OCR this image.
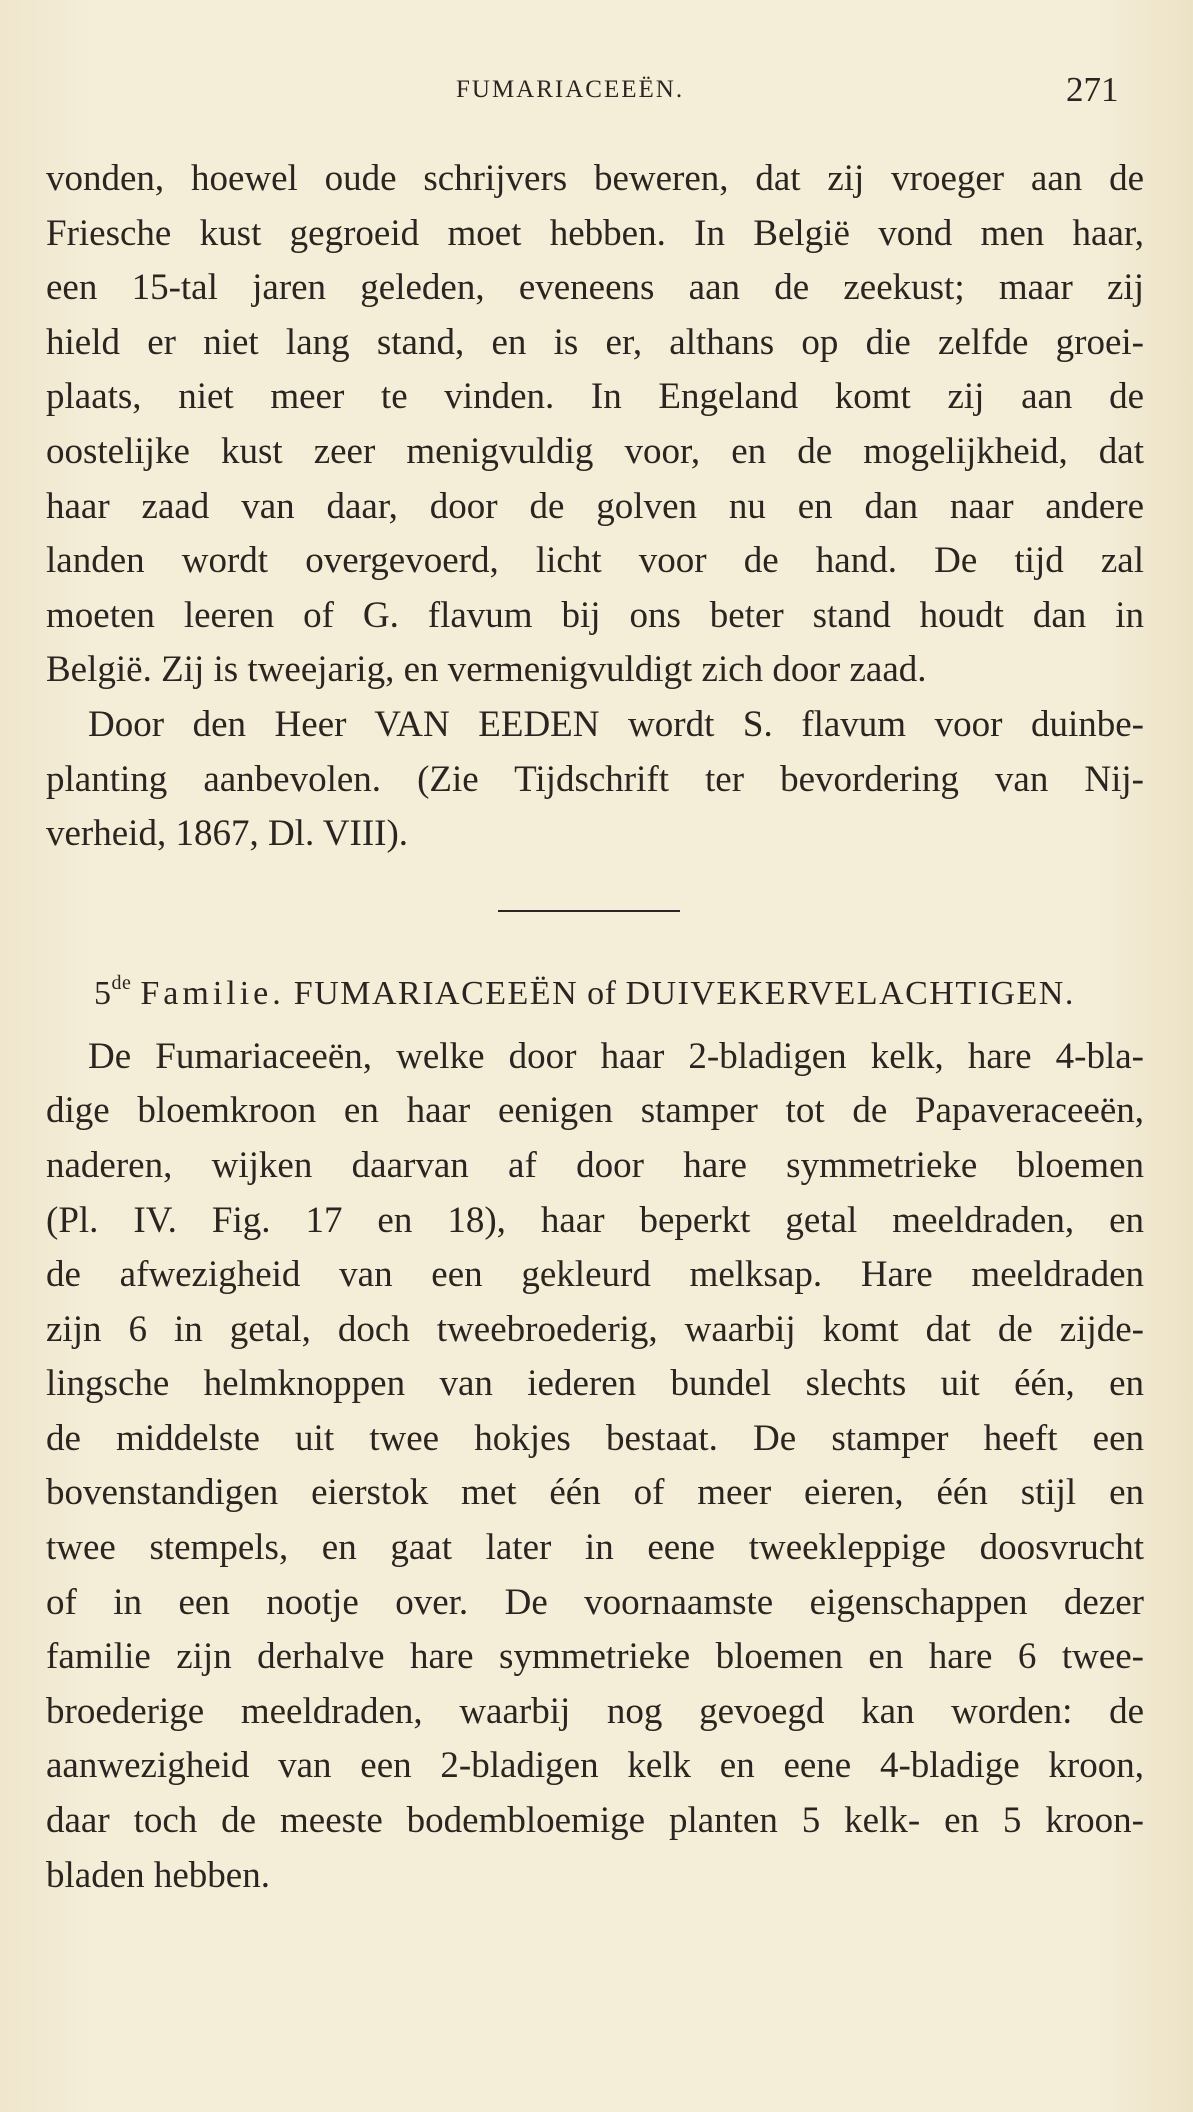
FUMARIACEEËN.	271
vonden, hoewel oude schrijvers beweren, dat zij vroeger aan de
Friesche kust gegroeid moet hebben. In België vond men haar,
een 15-tal jaren geleden, eveneens aan de zeekust; maar zij
hield er niet lang stand, en is er, althans op die zelfde groei-
plaats, niet meer te vinden. In Engeland komt zij aan de
oostelijke kust zeer menigvuldig voor, en de mogelijkheid, dat
haar zaad van daar, door de golven nu en dan naar andere
landen wordt overgevoerd, licht voor de hand. De tijd zal
moeten leeren of G. flavum bij ons beter stand houdt dan in
België. Zij is tweejarig, en vermenigvuldigt zich door zaad.
Door den Heer VAN EEDEN wordt S. flavum voor duinbe-
planting aanbevolen. (Zie Tijdschrift ter bevordering van Nij-
verheid, 1867, Dl. VIII).
5de Familie. FUMARIACEEËN of DUIVEKERVELACHTIGEN.
De Fumariaceeën, welke door haar 2-bladigen kelk, hare 4-bla-
dige bloemkroon en haar eenigen stamper tot de Papaveraceeën,
naderen, wijken daarvan af door hare symmetrieke bloemen
(Pl. IV. Fig. 17 en 18), haar beperkt getal meeldraden, en
de afwezigheid van een gekleurd melksap. Hare meeldraden
zijn 6 in getal, doch tweebroederig, waarbij komt dat de zijde-
lingsche helmknoppen van iederen bundel slechts uit één, en
de middelste uit twee hokjes bestaat. De stamper heeft een
bovenstandigen eierstok met één of meer eieren, één stijl en
twee stempels, en gaat later in eene tweekleppige doosvrucht
of in een nootje over. De voornaamste eigenschappen dezer
familie zijn derhalve hare symmetrieke bloemen en hare 6 twee-
broederige meeldraden, waarbij nog gevoegd kan worden: de
aanwezigheid van een 2-bladigen kelk en eene 4-bladige kroon,
daar toch de meeste bodembloemige planten 5 kelk- en 5 kroon-
bladen hebben.
